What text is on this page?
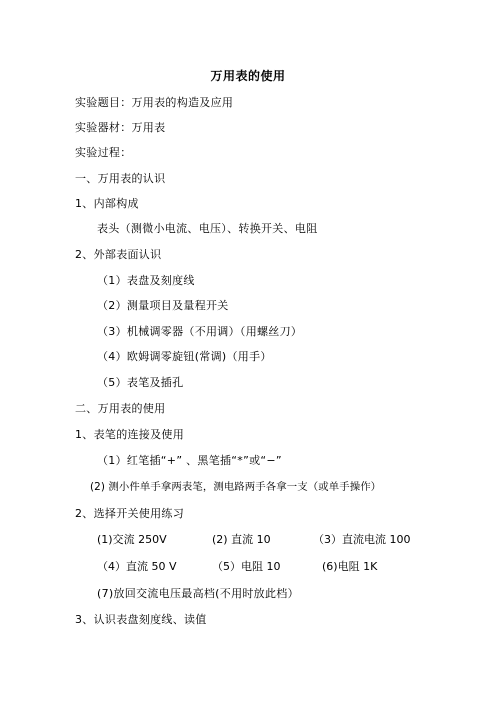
万用表的使用
实验题目：万用表的构造及应用
实验器材：万用表
实验过程：
一、万用表的认识
1、内部构成
表头（测微小电流、电压）、转换开关、电阻
2、外部表面认识
（1）表盘及刻度线
（2）测量项目及量程开关
（3）机械调零器（不用调）（用螺丝刀）
（4）欧姆调零旋钮(常调)（用手）
（5）表笔及插孔
二、万用表的使用
1、表笔的连接及使用
（1）红笔插“+” 、黑笔插“*”或“−”
(2) 测小件单手拿两表笔，测电路两手各拿一支（或单手操作）
2、选择开关使用练习
(1)交流 250V	(2) 直流 10	（3）直流电流 100
（4）直流 50 V	（5）电阻 10	(6)电阻 1K
(7)放回交流电压最高档(不用时放此档）
3、认识表盘刻度线、读值
